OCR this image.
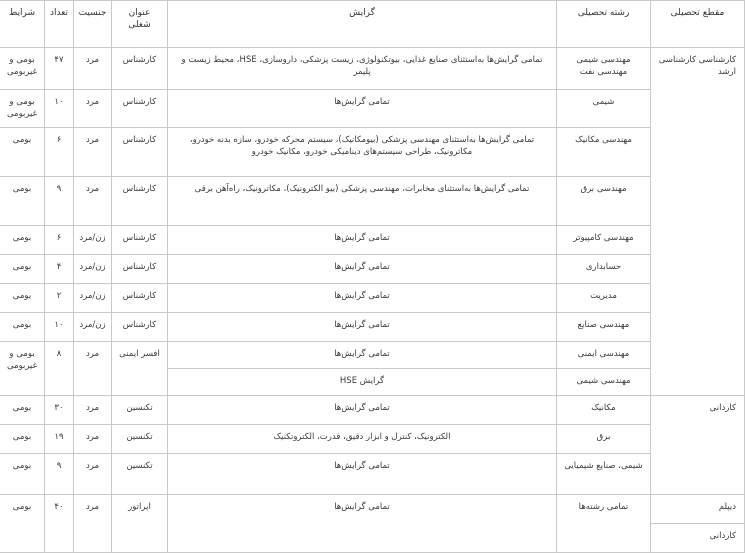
مقطع تحصیلی	رشته تحصیلی	گرایش	عنوان شغلی	جنسیت	تعداد	شرایط
کارشناسی کارشناسی ارشد	مهندسی شیمی مهندسی نفت	تمامی گرایش‌ها به‌استثنای صنایع غذایی، بیوتکنولوژی، زیست پزشکی، داروسازی، HSE، محیط زیست و پلیمر	کارشناس	مرد	۴۷	بومی و غیربومی
	شیمی	تمامی گرایش‌ها	کارشناس	مرد	۱۰	بومی و غیربومی
	مهندسی مکانیک	تمامی گرایش‌ها به‌استثنای مهندسی پزشکی (بیومکانیک)، سیستم محرکه خودرو، سازه بدنه خودرو، مکاترونیک، طراحی سیستم‌های دینامیکی خودرو، مکانیک خودرو	کارشناس	مرد	۶	بومی
	مهندسی برق	تمامی گرایش‌ها به‌استثنای مخابرات، مهندسی پزشکی (بیو الکترونیک)، مکاترونیک، راه‌آهن برقی	کارشناس	مرد	۹	بومی
	مهندسی کامپیوتر	تمامی گرایش‌ها	کارشناس	زن/مرد	۶	بومی
	حسابداری	تمامی گرایش‌ها	کارشناس	زن/مرد	۴	بومی
	مدیریت	تمامی گرایش‌ها	کارشناس	زن/مرد	۲	بومی
	مهندسی صنایع	تمامی گرایش‌ها	کارشناس	زن/مرد	۱۰	بومی
	مهندسی ایمنی	تمامی گرایش‌ها	افسر ایمنی	مرد	۸	بومی و غیربومی
	مهندسی شیمی	گرایش HSE				
کاردانی	مکانیک	تمامی گرایش‌ها	تکنسین	مرد	۳۰	بومی
	برق	الکترونیک، کنترل و ابزار دقیق، قدرت، الکتروتکنیک	تکنسین	مرد	۱۹	بومی
	شیمی، صنایع شیمیایی	تمامی گرایش‌ها	تکنسین	مرد	۹	بومی
دیپلم	تمامی رشته‌ها	تمامی گرایش‌ها	اپراتور	مرد	۴۰	بومی
کاردانی						
